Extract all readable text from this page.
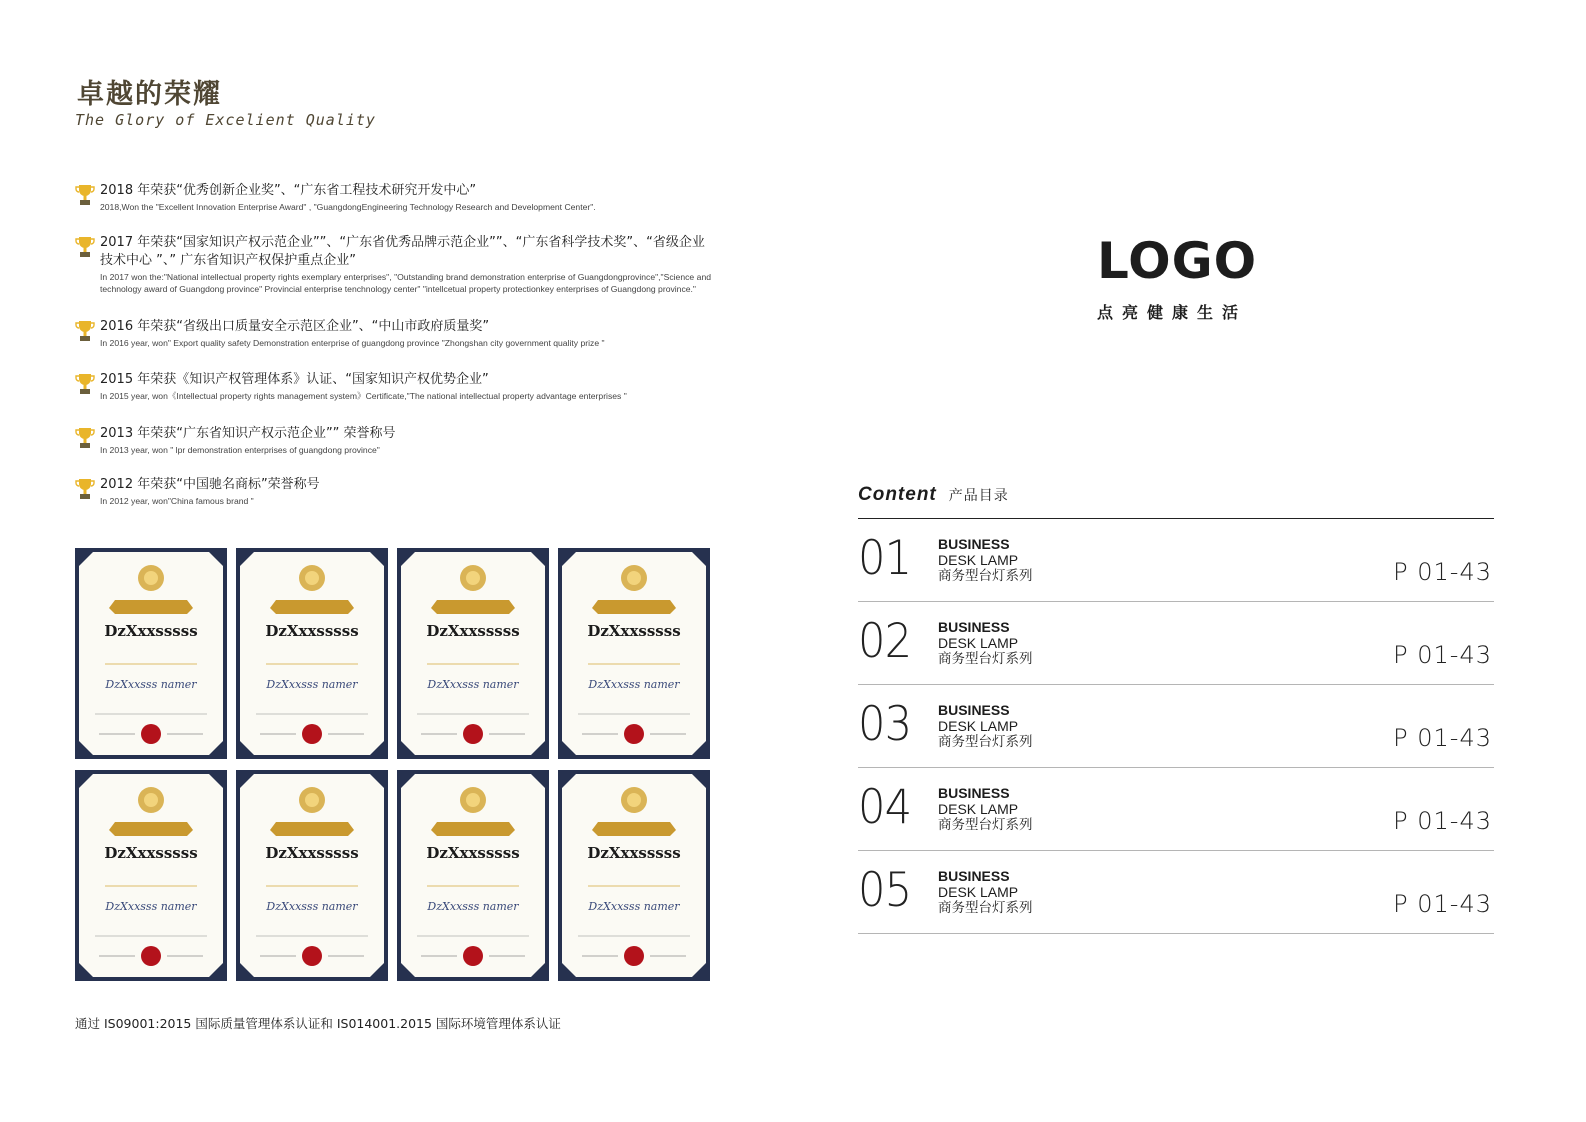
卓越的荣耀
The Glory of Excelient Quality
2018 年荣获“优秀创新企业奖”、“广东省工程技术研究开发中心”
2018,Won the "Excellent Innovation Enterprise Award" , "GuangdongEngineering Technology Research and Development Center".
2017 年荣获“国家知识产权示范企业””、“广东省优秀品牌示范企业””、“广东省科学技术奖”、“省级企业技术中心 ”、” 广东省知识产权保护重点企业”
In 2017 won the:"National intellectual property rights exemplary enterprises", "Outstanding brand demonstration enterprise of Guangdongprovince","Science and technology award of Guangdong province" Provincial enterprise tenchnology center" "intellcetual property protectionkey enterprises of Guangdong province."
2016 年荣获“省级出口质量安全示范区企业”、“中山市政府质量奖”
In 2016 year, won" Export quality safety Demonstration enterprise of guangdong province "Zhongshan city government quality prize "
2015 年荣获《知识产权管理体系》认证、“国家知识产权优势企业”
In 2015 year, won《Intellectual property rights management system》Certificate,"The national intellectual property advantage enterprises "
2013 年荣获“广东省知识产权示范企业”” 荣誉称号
In 2013 year, won " lpr demonstration enterprises of guangdong province"
2012 年荣获“中国驰名商标”荣誉称号
In 2012 year, won"China famous brand "
DzXxxsssss
DzXxxsss namer
DzXxxsssss
DzXxxsss namer
DzXxxsssss
DzXxxsss namer
DzXxxsssss
DzXxxsss namer
DzXxxsssss
DzXxxsss namer
DzXxxsssss
DzXxxsss namer
DzXxxsssss
DzXxxsss namer
DzXxxsssss
DzXxxsss namer
通过 IS09001:2015 国际质量管理体系认证和 IS014001.2015 国际环境管理体系认证
LOGO
点亮健康生活
Content 产品目录
01 BUSINESS
DESK LAMP
商务型台灯系列	P 01-43
02 BUSINESS
DESK LAMP
商务型台灯系列	P 01-43
03 BUSINESS
DESK LAMP
商务型台灯系列	P 01-43
04 BUSINESS
DESK LAMP
商务型台灯系列	P 01-43
05 BUSINESS
DESK LAMP
商务型台灯系列	P 01-43
